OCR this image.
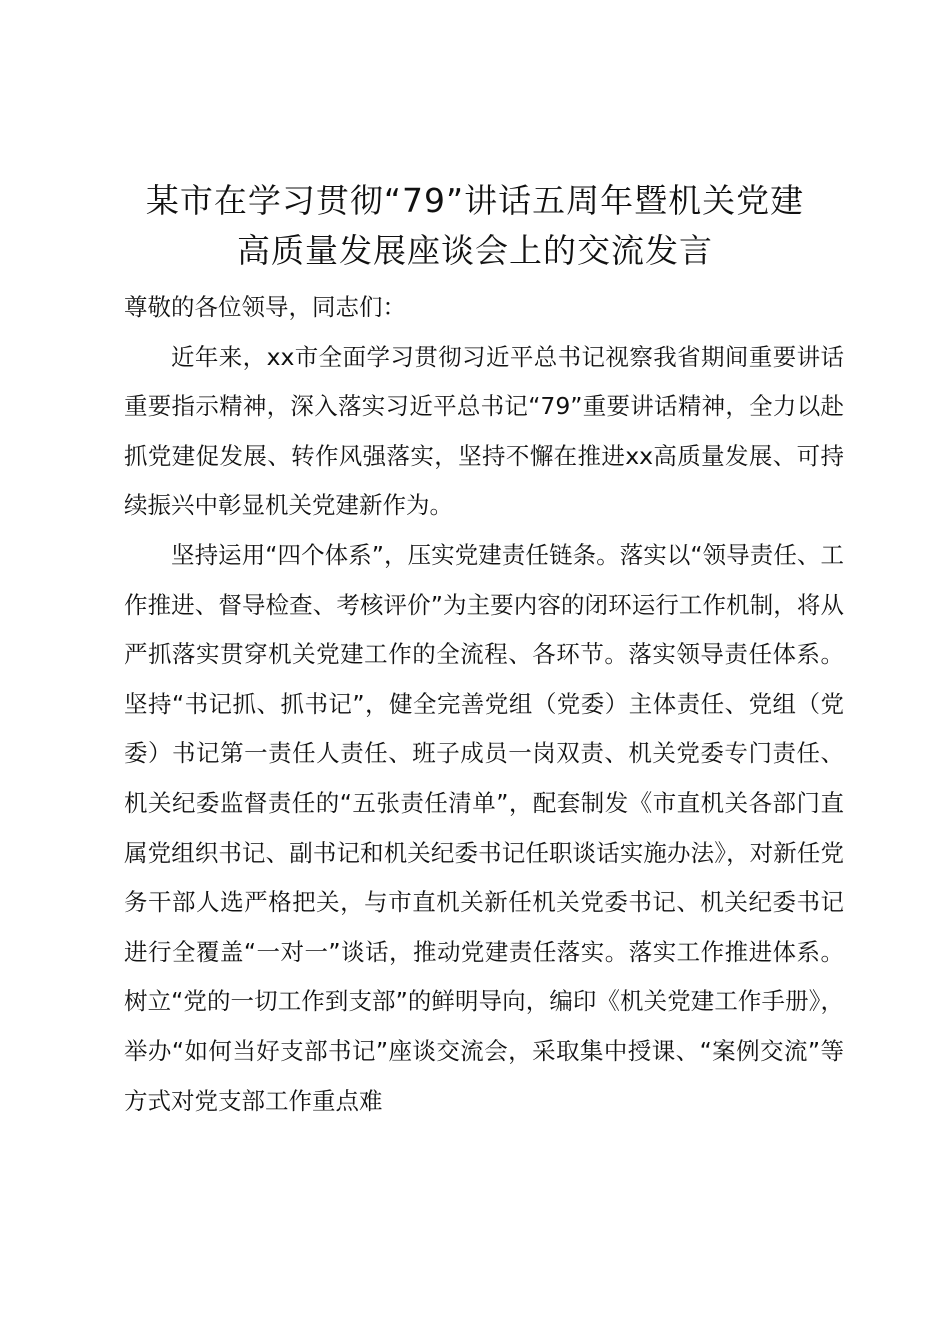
某市在学习贯彻“79”讲话五周年暨机关党建
高质量发展座谈会上的交流发言

尊敬的各位领导，同志们：

近年来，xx市全面学习贯彻习近平总书记视察我省期间重要讲话重要指示精神，深入落实习近平总书记“79”重要讲话精神，全力以赴抓党建促发展、转作风强落实，坚持不懈在推进xx高质量发展、可持续振兴中彰显机关党建新作为。

坚持运用“四个体系”，压实党建责任链条。落实以“领导责任、工作推进、督导检查、考核评价”为主要内容的闭环运行工作机制，将从严抓落实贯穿机关党建工作的全流程、各环节。落实领导责任体系。坚持“书记抓、抓书记”，健全完善党组（党委）主体责任、党组（党委）书记第一责任人责任、班子成员一岗双责、机关党委专门责任、机关纪委监督责任的“五张责任清单”，配套制发《市直机关各部门直属党组织书记、副书记和机关纪委书记任职谈话实施办法》，对新任党务干部人选严格把关，与市直机关新任机关党委书记、机关纪委书记进行全覆盖“一对一”谈话，推动党建责任落实。落实工作推进体系。树立“党的一切工作到支部”的鲜明导向，编印《机关党建工作手册》，举办“如何当好支部书记”座谈交流会，采取集中授课、“案例交流”等方式对党支部工作重点难
